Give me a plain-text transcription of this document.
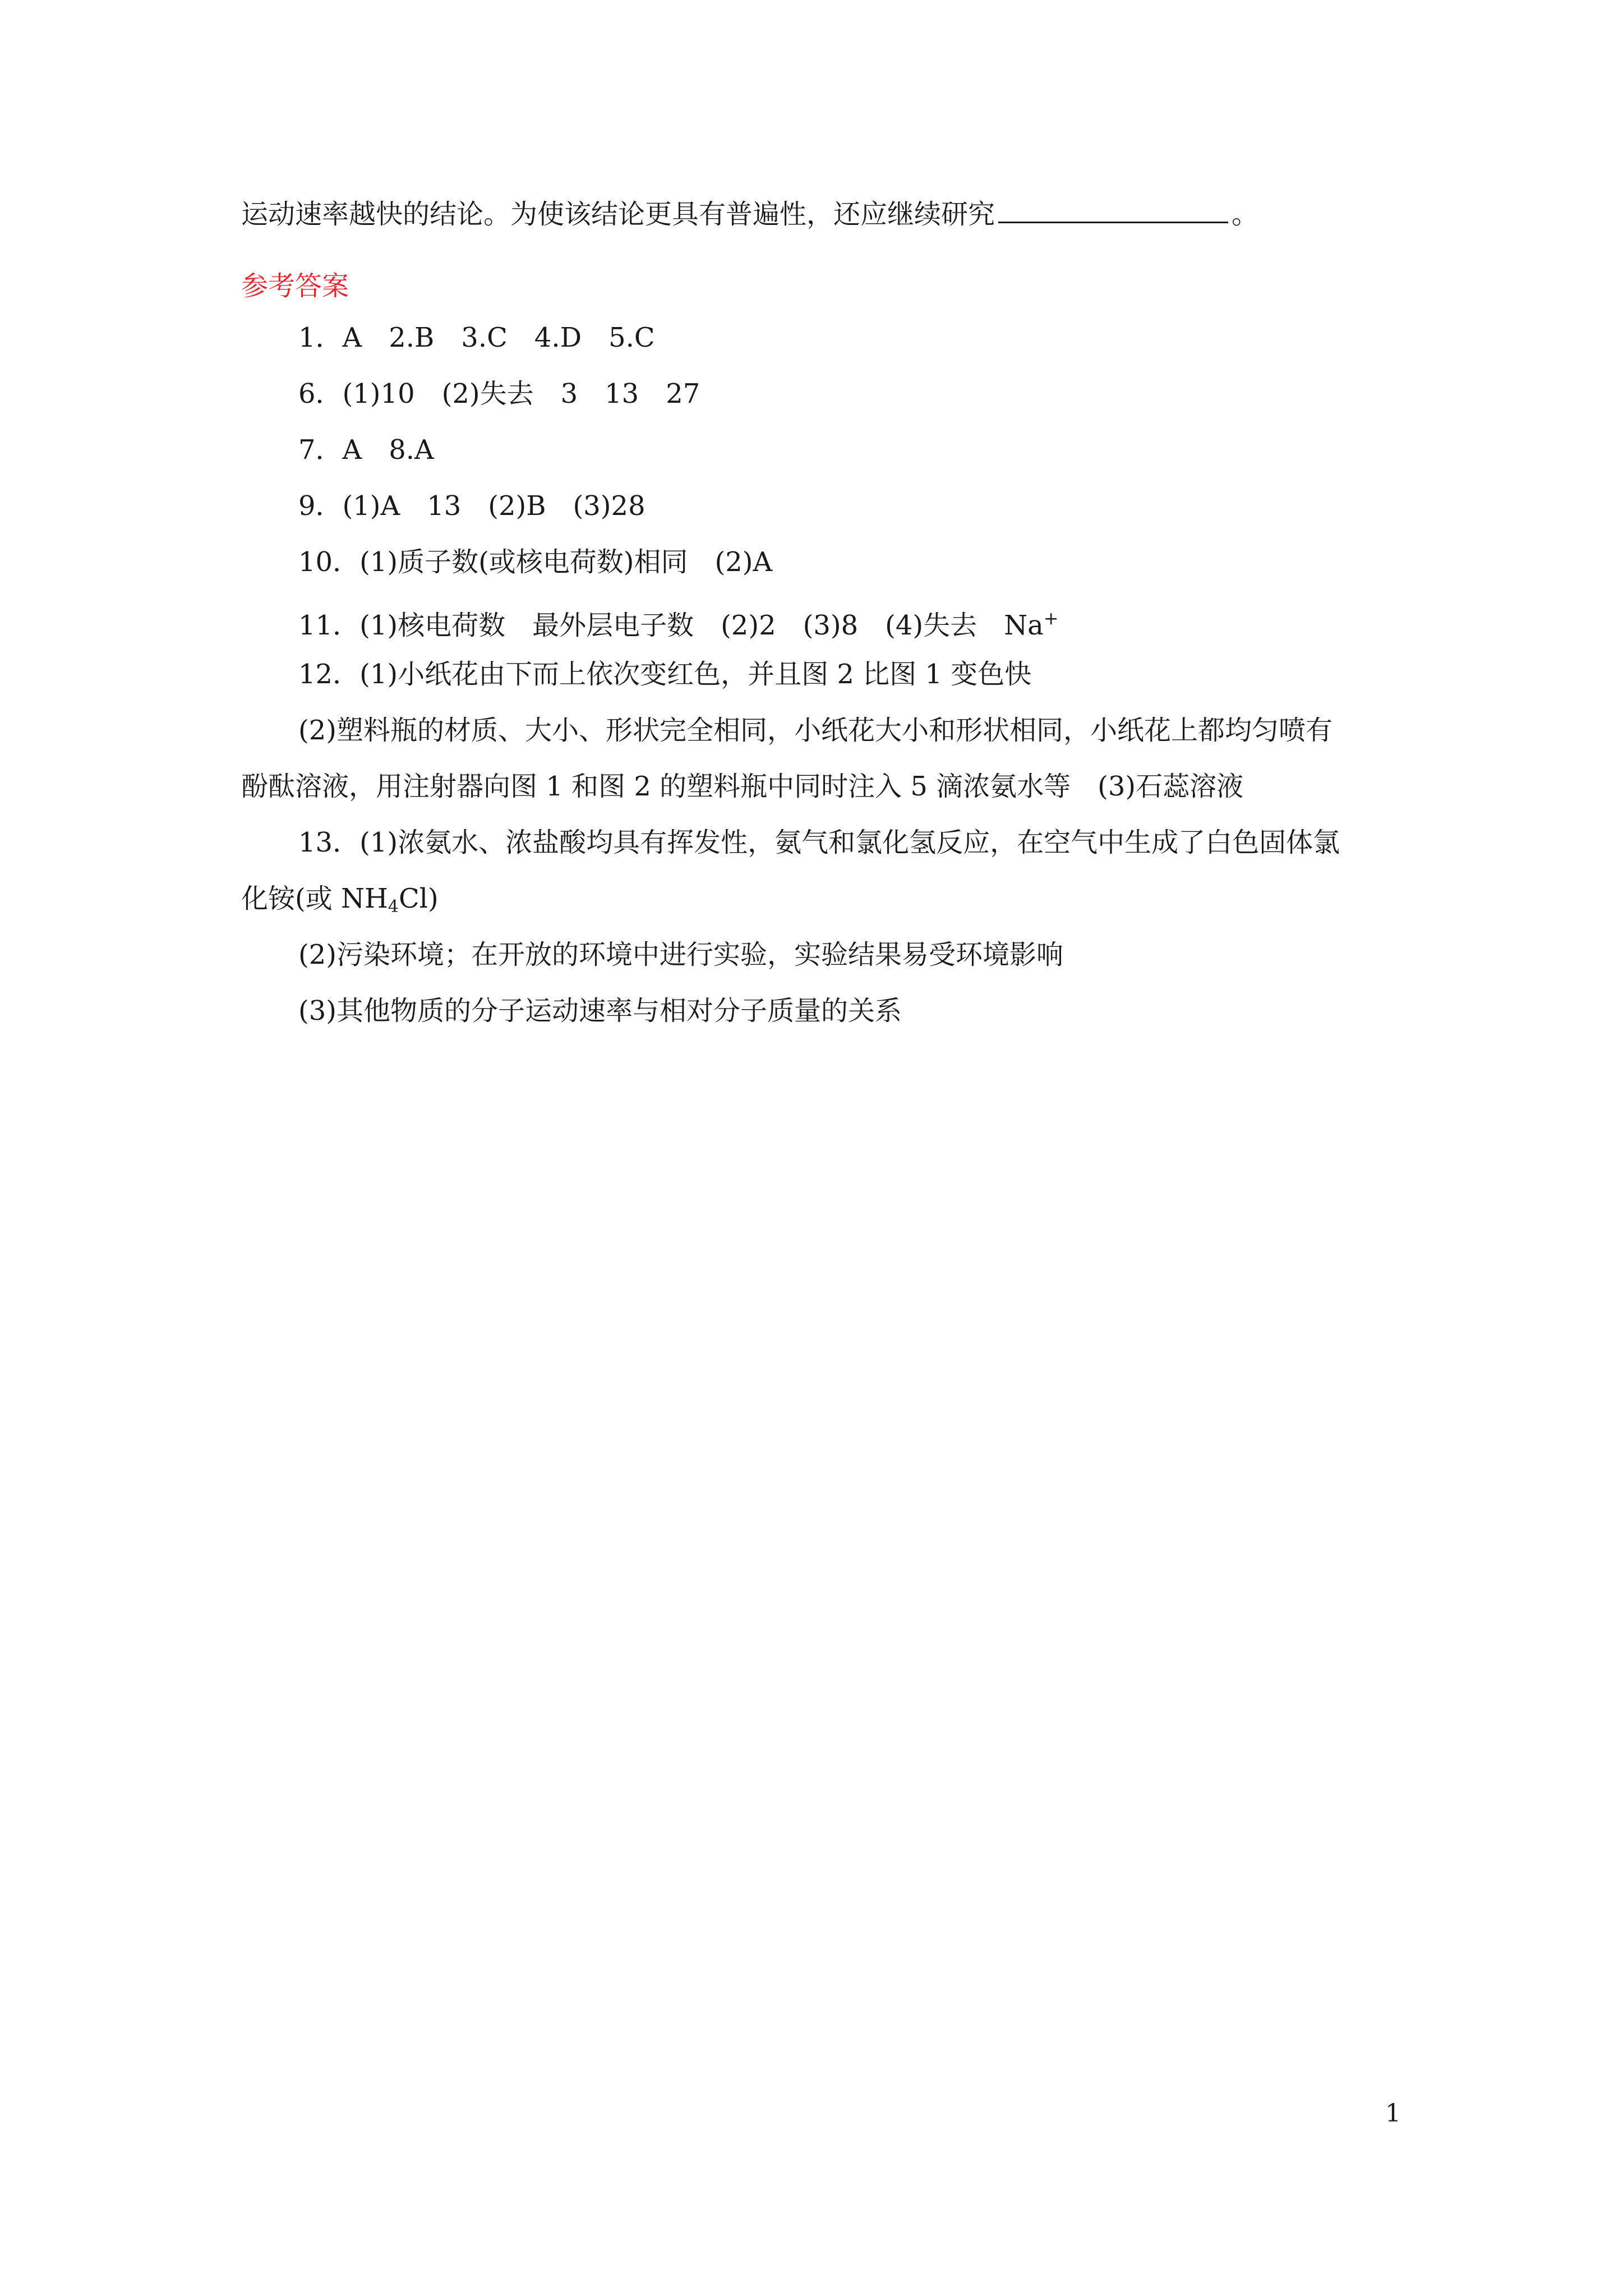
运动速率越快的结论。为使该结论更具有普遍性，还应继续研究	。
参考答案
1．A　2.B　3.C　4.D　5.C
6．(1)10　(2)失去　3　13　27
7．A　8.A
9．(1)A　13　(2)B　(3)28
10．(1)质子数(或核电荷数)相同　(2)A
11．(1)核电荷数　最外层电子数　(2)2　(3)8　(4)失去　Na+
12．(1)小纸花由下而上依次变红色，并且图 2 比图 1 变色快
(2)塑料瓶的材质、大小、形状完全相同，小纸花大小和形状相同，小纸花上都均匀喷有
酚酞溶液，用注射器向图 1 和图 2 的塑料瓶中同时注入 5 滴浓氨水等　(3)石蕊溶液
13．(1)浓氨水、浓盐酸均具有挥发性，氨气和氯化氢反应，在空气中生成了白色固体氯
化铵(或 $NH_4Cl$)
(2)污染环境；在开放的环境中进行实验，实验结果易受环境影响
(3)其他物质的分子运动速率与相对分子质量的关系
1
